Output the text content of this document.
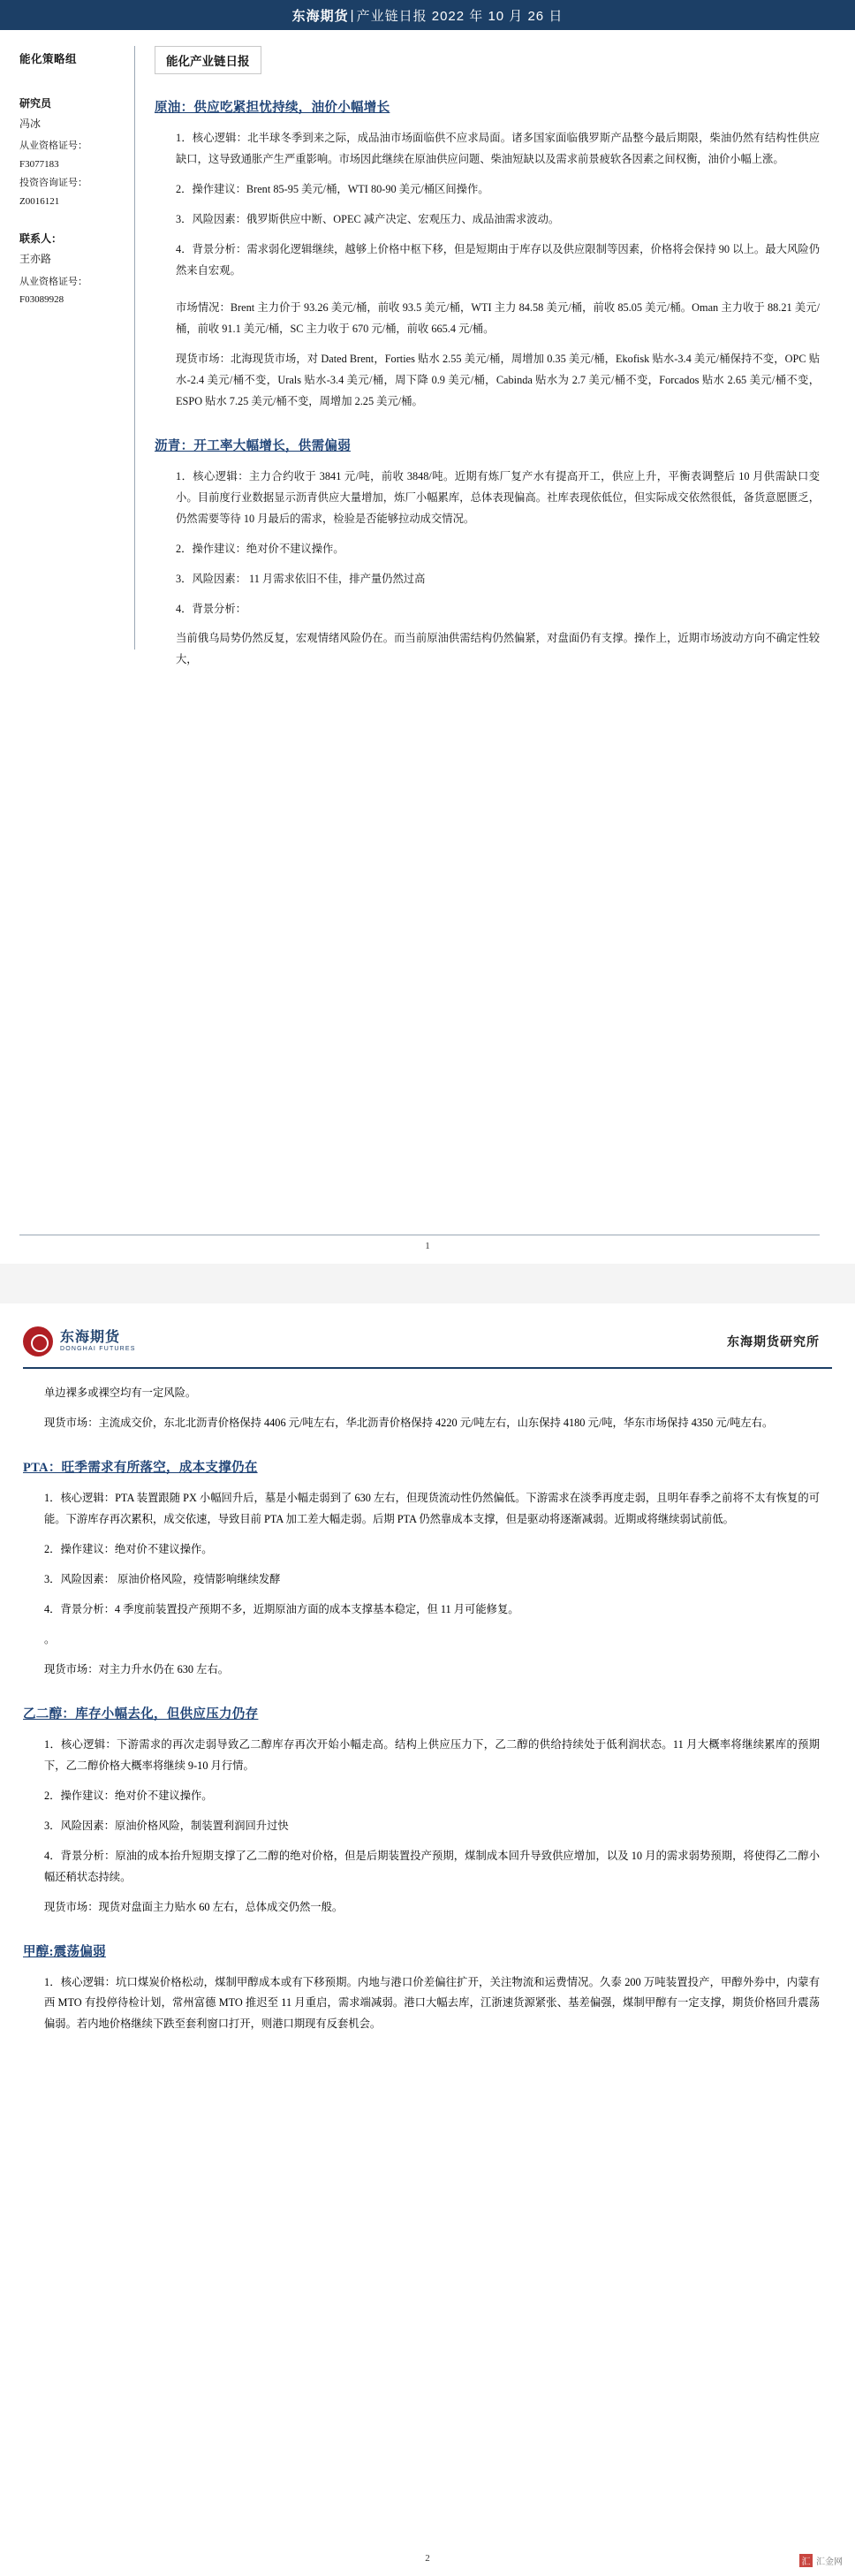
东海期货 | 产业链日报 2022 年 10 月 26 日
能化策略组
研究员
冯冰
从业资格证号：F3077183
投资咨询证号：Z0016121
联系人：
王亦路
从业资格证号：F03089928
能化产业链日报
原油：供应吃紧担忧持续，油价小幅增长

1．核心逻辑：北半球冬季到来之际，成品油市场面临供不应求局面。诸多国家面临俄罗斯产品整今最后期限，柴油仍然有结构性供应缺口，这导致通胀产生严重影响。市场因此继续在原油供应问题、柴油短缺以及需求前景疲软各因素之间权衡，油价小幅上涨。

2．操作建议：Brent 85-95 美元/桶，WTI 80-90 美元/桶区间操作。

3．风险因素：俄罗斯供应中断、OPEC 减产决定、宏观压力、成品油需求波动。

4．背景分析：需求弱化逻辑继续，越够上价格中枢下移，但是短期由于库存以及供应限制等因素，价格将会保持 90 以上。最大风险仍然来自宏观。

市场情况：Brent 主力价于 93.26 美元/桶，前收 93.5 美元/桶，WTI 主力 84.58 美元/桶，前收 85.05 美元/桶。Oman 主力收于 88.21 美元/桶，前收 91.1 美元/桶，SC 主力收于 670 元/桶，前收 665.4 元/桶。

现货市场：北海现货市场，对 Dated Brent，Forties 贴水 2.55 美元/桶，周增加 0.35 美元/桶，Ekofisk 贴水-3.4 美元/桶保持不变，OPC 贴水-2.4 美元/桶不变，Urals 贴水-3.4 美元/桶，周下降 0.9 美元/桶，Cabinda 贴水为 2.7 美元/桶不变，Forcados 贴水 2.65 美元/桶不变，ESPO 贴水 7.25 美元/桶不变，周增加 2.25 美元/桶。

沥青：开工率大幅增长，供需偏弱

1．核心逻辑：主力合约收于 3841 元/吨，前收 3848/吨。近期有炼厂复产水有提高开工，供应上升，平衡表调整后 10 月供需缺口变小。目前度行业数据显示沥青供应大量增加，炼厂小幅累库，总体表现偏高。社库表现依低位，但实际成交依然很低，备货意愿匮乏，仍然需要等待 10 月最后的需求，检验是否能够拉动成交情况。

2．操作建议：绝对价不建议操作。

3．风险因素： 11 月需求依旧不佳，排产量仍然过高

4．背景分析：

当前俄乌局势仍然反复，宏观情绪风险仍在。而当前原油供需结构仍然偏紧，对盘面仍有支撑。操作上，近期市场波动方向不确定性较大，

1
东海期货
DONGHAI FUTURES	东海期货研究所

单边裸多或裸空均有一定风险。

现货市场：主流成交价，东北北沥青价格保持 4406 元/吨左右，华北沥青价格保持 4220 元/吨左右，山东保持 4180 元/吨，华东市场保持 4350 元/吨左右。

PTA：旺季需求有所落空，成本支撑仍在

1．核心逻辑：PTA 装置跟随 PX 小幅回升后，墓是小幅走弱到了 630 左右，但现货流动性仍然偏低。下游需求在淡季再度走弱，且明年春季之前将不太有恢复的可能。下游库存再次累积，成交依速，导致目前 PTA 加工差大幅走弱。后期 PTA 仍然靠成本支撑，但是驱动将逐渐减弱。近期或将继续弱试前低。

2．操作建议：绝对价不建议操作。

3．风险因素： 原油价格风险，疫情影响继续发酵

4．背景分析：4 季度前装置投产预期不多，近期原油方面的成本支撑基本稳定，但 11 月可能修复。

。

现货市场：对主力升水仍在 630 左右。

乙二醇：库存小幅去化，但供应压力仍存

1．核心逻辑：下游需求的再次走弱导致乙二醇库存再次开始小幅走高。结构上供应压力下，乙二醇的供给持续处于低利润状态。11 月大概率将继续累库的预期下，乙二醇价格大概率将继续 9-10 月行情。

2．操作建议：绝对价不建议操作。

3．风险因素：原油价格风险，制装置利润回升过快

4．背景分析：原油的成本抬升短期支撑了乙二醇的绝对价格，但是后期装置投产预期，煤制成本回升导致供应增加，以及 10 月的需求弱势预期，将使得乙二醇小幅还稍状态持续。

现货市场：现货对盘面主力贴水 60 左右，总体成交仍然一般。

甲醇:震荡偏弱

1．核心逻辑：坑口煤炭价格松动，煤制甲醇成本或有下移预期。内地与港口价差偏往扩开，关注物流和运费情况。久泰 200 万吨装置投产，甲醇外券中，内蒙有西 MTO 有投停待检计划，常州富德 MTO 推迟至 11 月重启，需求端减弱。港口大幅去库，江浙速货源紧张、基差偏强，煤制甲醇有一定支撑，期货价格回升震荡偏弱。若内地价格继续下跌至套利窗口打开，则港口期现有反套机会。

2	汇 汇金网
